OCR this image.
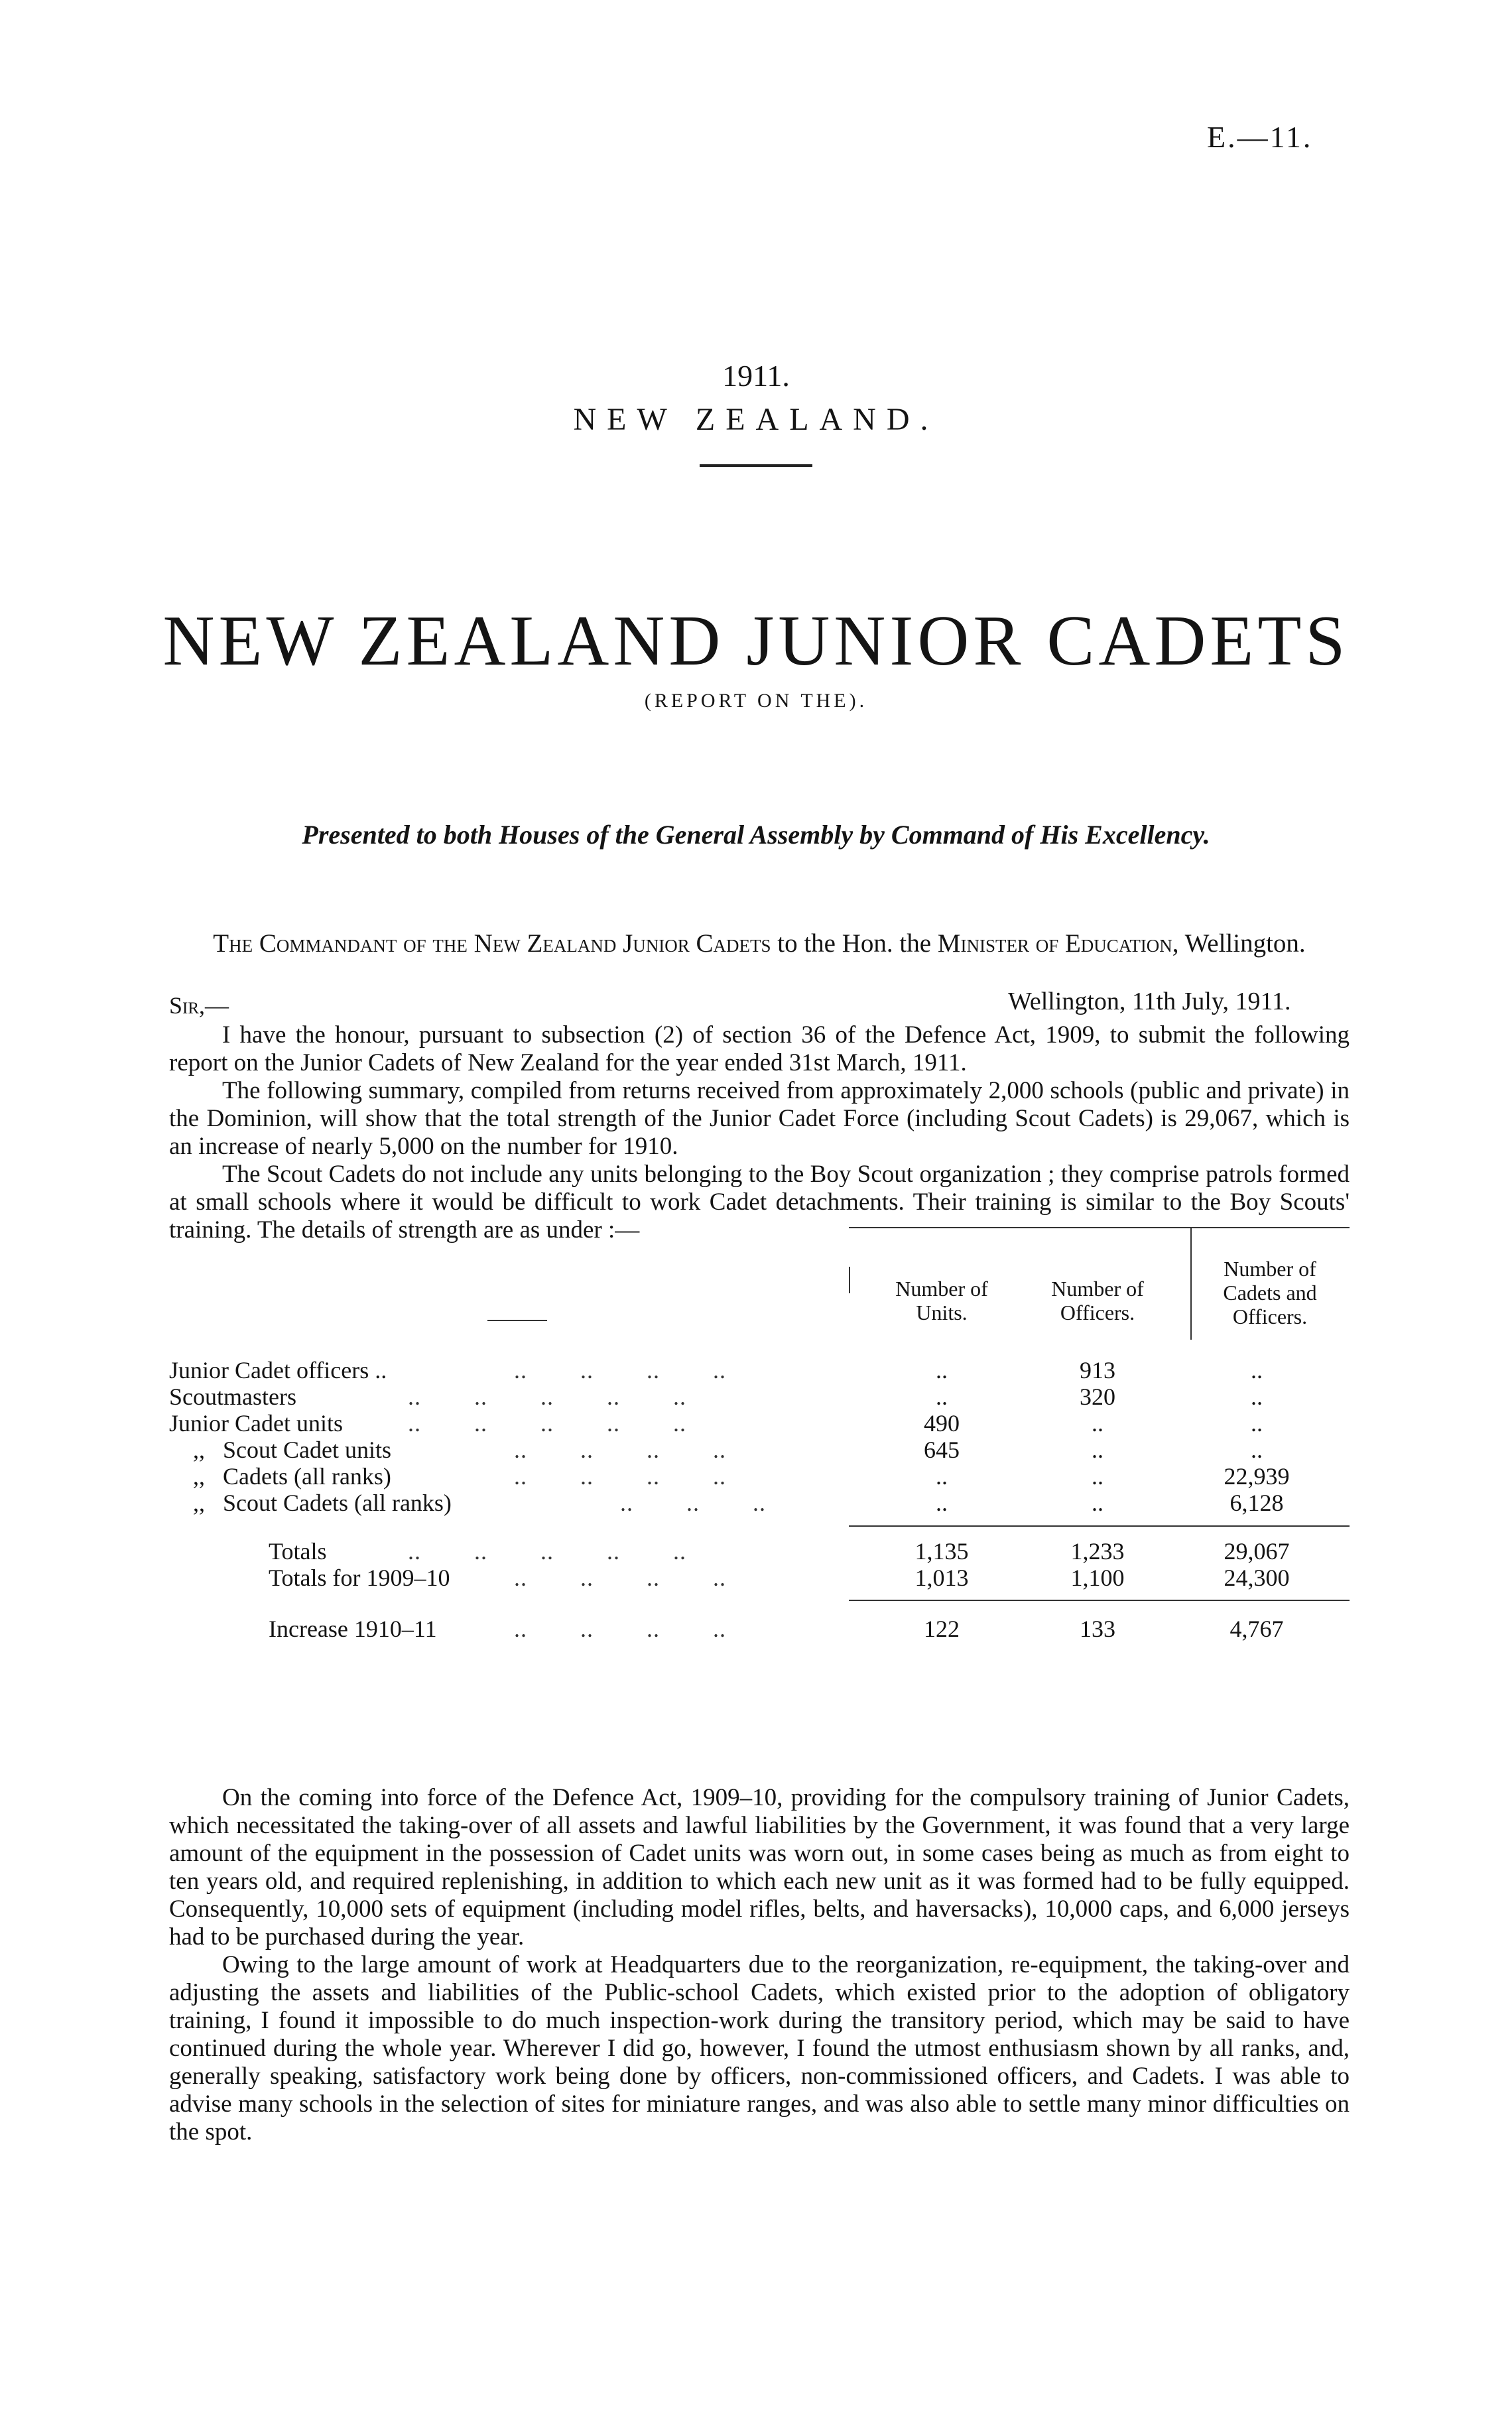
E.—11.
1911.
NEW ZEALAND.
NEW ZEALAND JUNIOR CADETS
(REPORT ON THE).
Presented to both Houses of the General Assembly by Command of His Excellency.
The Commandant of the New Zealand Junior Cadets to the Hon. the Minister of Education, Wellington.
Sir,—	Wellington, 11th July, 1911.

I have the honour, pursuant to subsection (2) of section 36 of the Defence Act, 1909, to submit the following report on the Junior Cadets of New Zealand for the year ended 31st March, 1911.

The following summary, compiled from returns received from approximately 2,000 schools (public and private) in the Dominion, will show that the total strength of the Junior Cadet Force (including Scout Cadets) is 29,067, which is an increase of nearly 5,000 on the number for 1910.

The Scout Cadets do not include any units belonging to the Boy Scout organization ; they comprise patrols formed at small schools where it would be difficult to work Cadet detachments. Their training is similar to the Boy Scouts' training. The details of strength are as under :—

Number of Units.
Number of Officers.
Number of Cadets and Officers.
Junior Cadet officers ..	..        ..        ..        ..	..	913	..
Scoutmasters	..        ..        ..        ..        ..	..	320	..
Junior Cadet units	..        ..        ..        ..        ..	490	..	..
,,   Scout Cadet units	..        ..        ..        ..	645	..	..
,,   Cadets (all ranks)	..        ..        ..        ..	..	..	22,939
,,   Scout Cadets (all ranks)	..        ..        ..	..	..	6,128
Totals	..        ..        ..        ..        ..	1,135	1,233	29,067
Totals for 1909–10	..        ..        ..        ..	1,013	1,100	24,300
Increase 1910–11	..        ..        ..        ..	122	133	4,767

On the coming into force of the Defence Act, 1909–10, providing for the compulsory training of Junior Cadets, which necessitated the taking-over of all assets and lawful liabilities by the Government, it was found that a very large amount of the equipment in the possession of Cadet units was worn out, in some cases being as much as from eight to ten years old, and required replenishing, in addition to which each new unit as it was formed had to be fully equipped. Consequently, 10,000 sets of equipment (including model rifles, belts, and haversacks), 10,000 caps, and 6,000 jerseys had to be purchased during the year.

Owing to the large amount of work at Headquarters due to the reorganization, re-equipment, the taking-over and adjusting the assets and liabilities of the Public-school Cadets, which existed prior to the adoption of obligatory training, I found it impossible to do much inspection-work during the transitory period, which may be said to have continued during the whole year. Wherever I did go, however, I found the utmost enthusiasm shown by all ranks, and, generally speaking, satisfactory work being done by officers, non-commissioned officers, and Cadets. I was able to advise many schools in the selection of sites for miniature ranges, and was also able to settle many minor difficulties on the spot.
